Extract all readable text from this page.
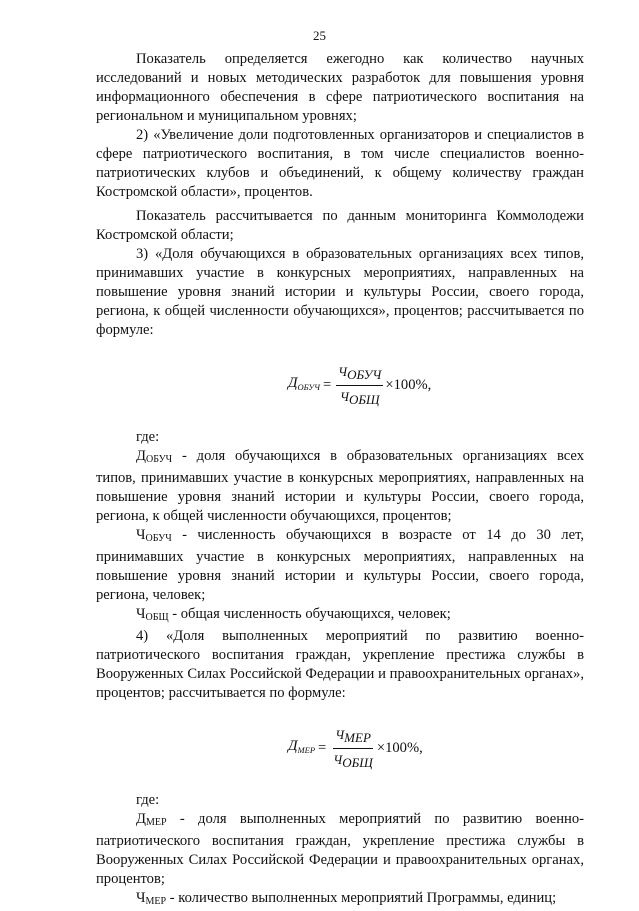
25

Показатель определяется ежегодно как количество научных исследований и новых методических разработок для повышения уровня информационного обеспечения в сфере патриотического воспитания на региональном и муниципальном уровнях;

2) «Увеличение доли подготовленных организаторов и специалистов в сфере патриотического воспитания, в том числе специалистов военно-патриотических клубов и объединений, к общему количеству граждан Костромской области», процентов.

Показатель рассчитывается по данным мониторинга Коммолодежи Костромской области;

3) «Доля обучающихся в образовательных организациях всех типов, принимавших участие в конкурсных мероприятиях, направленных на повышение уровня знаний истории и культуры России, своего города, региона, к общей численности обучающихся», процентов; рассчитывается по формуле:

$Д_{ОБУЧ} = \frac{\text{ЧОБУЧ}}{\text{ЧОБЩ}} \times 100\%$,

где:

ДОБУЧ - доля обучающихся в образовательных организациях всех типов, принимавших участие в конкурсных мероприятиях, направленных на повышение уровня знаний истории и культуры России, своего города, региона, к общей численности обучающихся, процентов;

ЧОБУЧ - численность обучающихся в возрасте от 14 до 30 лет, принимавших участие в конкурсных мероприятиях, направленных на повышение уровня знаний истории и культуры России, своего города, региона, человек;

ЧОБЩ - общая численность обучающихся, человек;

4) «Доля выполненных мероприятий по развитию военно-патриотического воспитания граждан, укрепление престижа службы в Вооруженных Силах Российской Федерации и правоохранительных органах», процентов; рассчитывается по формуле:

$Д_{МЕР} = \frac{\text{ЧМЕР}}{\text{ЧОБЩ}} \times 100\%$,

где:

ДМЕР - доля выполненных мероприятий по развитию военно-патриотического воспитания граждан, укрепление престижа службы в Вооруженных Силах Российской Федерации и правоохранительных органах, процентов;

ЧМЕР - количество выполненных мероприятий Программы, единиц;
